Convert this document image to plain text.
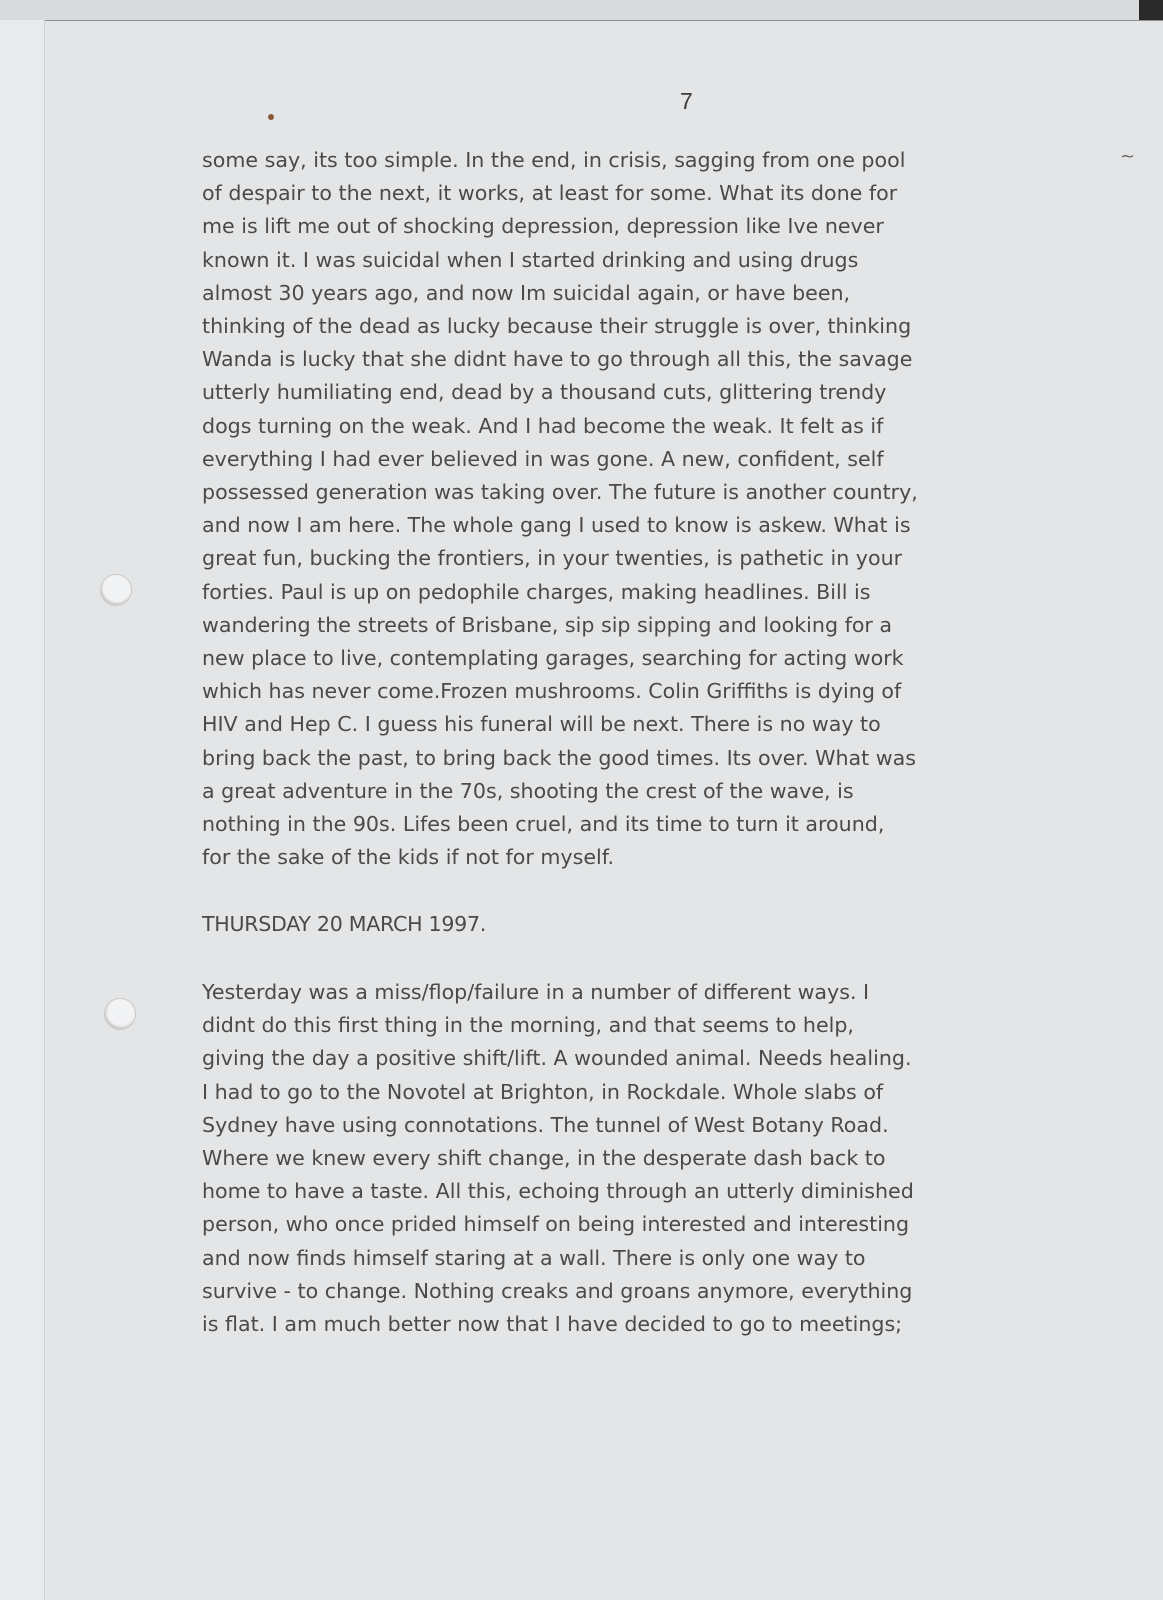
7
~
some say, its too simple. In the end, in crisis, sagging from one pool
of despair to the next, it works, at least for some. What its done for
me is lift me out of shocking depression, depression like Ive never
known it. I was suicidal when I started drinking and using drugs
almost 30 years ago, and now Im suicidal again, or have been,
thinking of the dead as lucky because their struggle is over, thinking
Wanda is lucky that she didnt have to go through all this, the savage
utterly humiliating end, dead by a thousand cuts, glittering trendy
dogs turning on the weak. And I had become the weak. It felt as if
everything I had ever believed in was gone. A new, confident, self
possessed generation was taking over. The future is another country,
and now I am here. The whole gang I used to know is askew. What is
great fun, bucking the frontiers, in your twenties, is pathetic in your
forties. Paul is up on pedophile charges, making headlines. Bill is
wandering the streets of Brisbane, sip sip sipping and looking for a
new place to live, contemplating garages, searching for acting work
which has never come.Frozen mushrooms. Colin Griffiths is dying of
HIV and Hep C. I guess his funeral will be next. There is no way to
bring back the past, to bring back the good times. Its over. What was
a great adventure in the 70s, shooting the crest of the wave, is
nothing in the 90s. Lifes been cruel, and its time to turn it around,
for the sake of the kids if not for myself.
THURSDAY 20 MARCH 1997.
Yesterday was a miss/flop/failure in a number of different ways. I
didnt do this first thing in the morning, and that seems to help,
giving the day a positive shift/lift. A wounded animal. Needs healing.
I had to go to the Novotel at Brighton, in Rockdale. Whole slabs of
Sydney have using connotations. The tunnel of West Botany Road.
Where we knew every shift change, in the desperate dash back to
home to have a taste. All this, echoing through an utterly diminished
person, who once prided himself on being interested and interesting
and now finds himself staring at a wall. There is only one way to
survive - to change. Nothing creaks and groans anymore, everything
is flat. I am much better now that I have decided to go to meetings;
